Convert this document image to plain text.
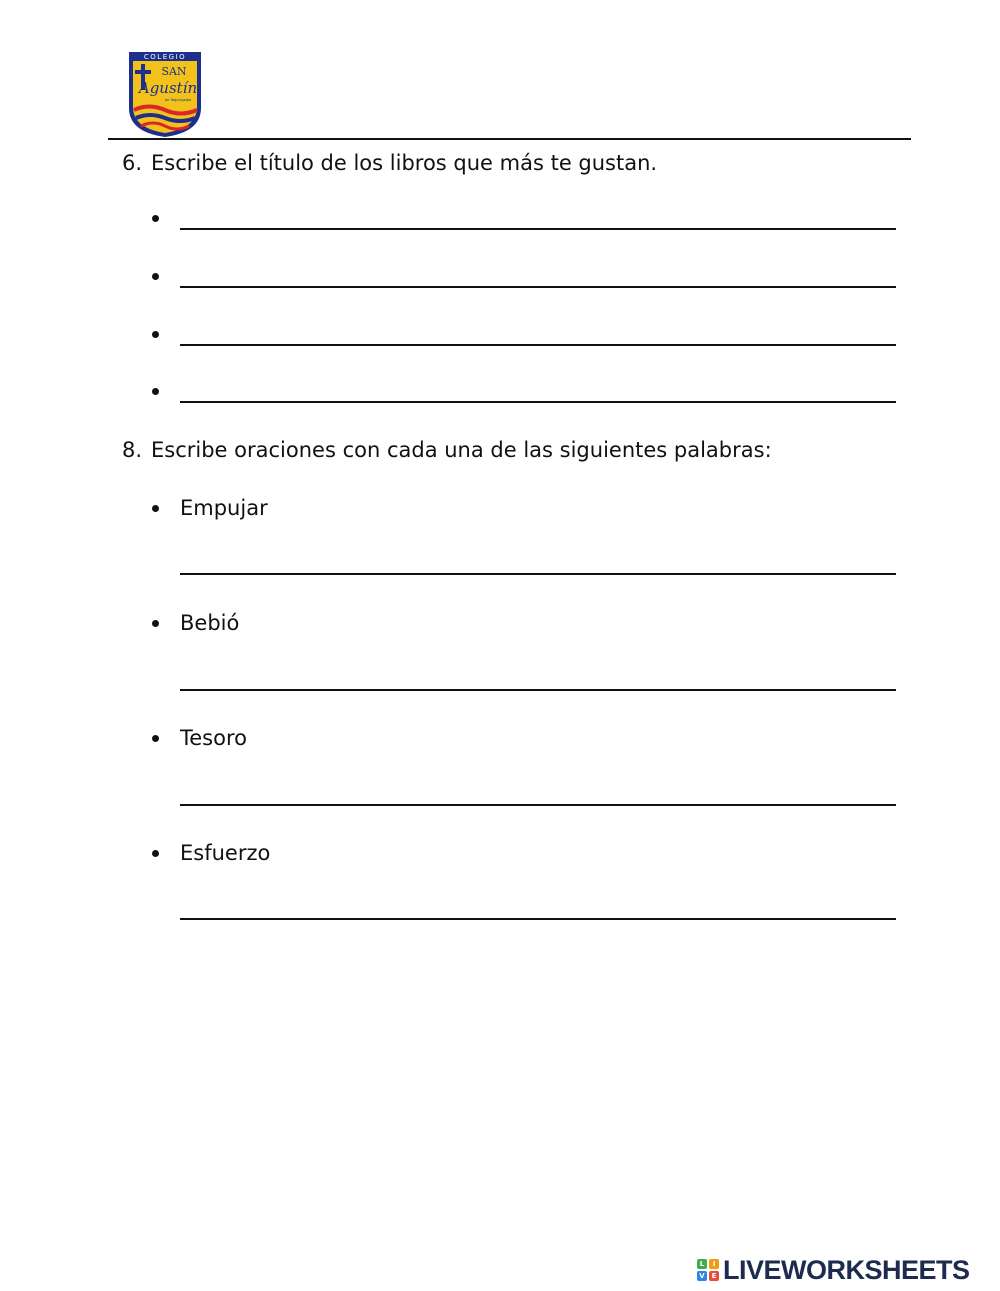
COLEGIO
SAN
Agustín
de Tegucigalpa
6. Escribe el título de los libros que más te gustan.
8. Escribe oraciones con cada una de las siguientes palabras:
Empujar
Bebió
Tesoro
Esfuerzo
L	I
V E LIVEWORKSHEETS
